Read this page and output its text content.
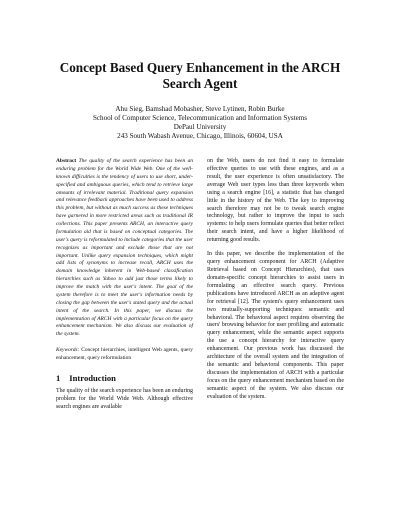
Concept Based Query Enhancement in the ARCH Search Agent
Ahu Sieg, Bamshad Mobasher, Steve Lytinen, Robin Burke
School of Computer Science, Telecommunication and Information Systems
DePaul University
243 South Wabash Avenue, Chicago, Illinois, 60604, USA
Abstract The quality of the search experience has been an enduring problem for the World Wide Web. One of the well-known difficulties is the tendency of users to use short, under-specified and ambiguous queries, which tend to retrieve large amounts of irrelevant material. Traditional query expansion and relevance feedback approaches have been used to address this problem, but without as much success as these techniques have garnered in more restricted areas such as traditional IR collections. This paper presents ARCH, an interactive query formulation aid that is based on conceptual categories. The user's query is reformulated to include categories that the user recognizes as important and exclude those that are not important. Unlike query expansion techniques, which might add lists of synonyms to increase recall, ARCH uses the domain knowledge inherent in Web-based classification hierarchies such as Yahoo to add just those terms likely to improve the match with the user's intent. The goal of the system therefore is to meet the user's information needs by closing the gap between the user's stated query and the actual intent of the search. In this paper, we discuss the implementation of ARCH with a particular focus on the query enhancement mechanism. We also discuss our evaluation of the system.
Keywords: Concept hierarchies, intelligent Web agents, query enhancement, query reformulation
1 Introduction

The quality of the search experience has been an enduring problem for the World Wide Web. Although effective search engines are available

on the Web, users do not find it easy to formulate effective queries to use with these engines, and as a result, the user experience is often unsatisfactory. The average Web user types less than three keywords when using a search engine [16], a statistic that has changed little in the history of the Web. The key to improving search therefore may not be to tweak search engine technology, but rather to improve the input to such systems: to help users formulate queries that better reflect their search intent, and have a higher likelihood of returning good results.

In this paper, we describe the implementation of the query enhancement component for ARCH (Adaptive Retrieval based on Concept Hierarchies), that uses domain-specific concept hierarchies to assist users in formulating an effective search query. Previous publications have introduced ARCH as an adaptive agent for retrieval [12]. The system's query enhancement uses two mutually-supporting techniques: semantic and behavioral. The behavioral aspect requires observing the users' browsing behavior for user profiling and automatic query enhancement, while the semantic aspect supports the use a concept hierarchy for interactive query enhancement. Our previous work has discussed the architecture of the overall system and the integration of the semantic and behavioral components. This paper discusses the implementation of ARCH with a particular focus on the query enhancement mechanism based on the semantic aspect of the system. We also discuss our evaluation of the system.
